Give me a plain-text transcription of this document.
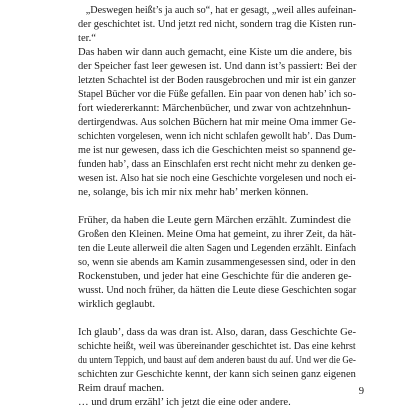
„Deswegen heißt’s ja auch so“, hat er gesagt, „weil alles aufeinan-
der geschichtet ist. Und jetzt red nicht, sondern trag die Kisten run-
ter.“

Das haben wir dann auch gemacht, eine Kiste um die andere, bis
der Speicher fast leer gewesen ist. Und dann ist’s passiert: Bei der
letzten Schachtel ist der Boden rausgebrochen und mir ist ein ganzer
Stapel Bücher vor die Füße gefallen. Ein paar von denen hab’ ich so-
fort wiedererkannt: Märchenbücher, und zwar von achtzehnhun-
dertirgendwas. Aus solchen Büchern hat mir meine Oma immer Ge-
schichten vorgelesen, wenn ich nicht schlafen gewollt hab’. Das Dum-
me ist nur gewesen, dass ich die Geschichten meist so spannend ge-
funden hab’, dass an Einschlafen erst recht nicht mehr zu denken ge-
wesen ist. Also hat sie noch eine Geschichte vorgelesen und noch ei-
ne, solange, bis ich mir nix mehr hab’ merken können.

Früher, da haben die Leute gern Märchen erzählt. Zumindest die
Großen den Kleinen. Meine Oma hat gemeint, zu ihrer Zeit, da hät-
ten die Leute allerweil die alten Sagen und Legenden erzählt. Einfach
so, wenn sie abends am Kamin zusammengesessen sind, oder in den
Rockenstuben, und jeder hat eine Geschichte für die anderen ge-
wusst. Und noch früher, da hätten die Leute diese Geschichten sogar
wirklich geglaubt.

Ich glaub’, dass da was dran ist. Also, daran, dass Geschichte Ge-
schichte heißt, weil was übereinander geschichtet ist. Das eine kehrst
du untern Teppich, und baust auf dem anderen baust du auf. Und wer die Ge-
schichten zur Geschichte kennt, der kann sich seinen ganz eigenen
Reim drauf machen.
… und drum erzähl’ ich jetzt die eine oder andere.

9
